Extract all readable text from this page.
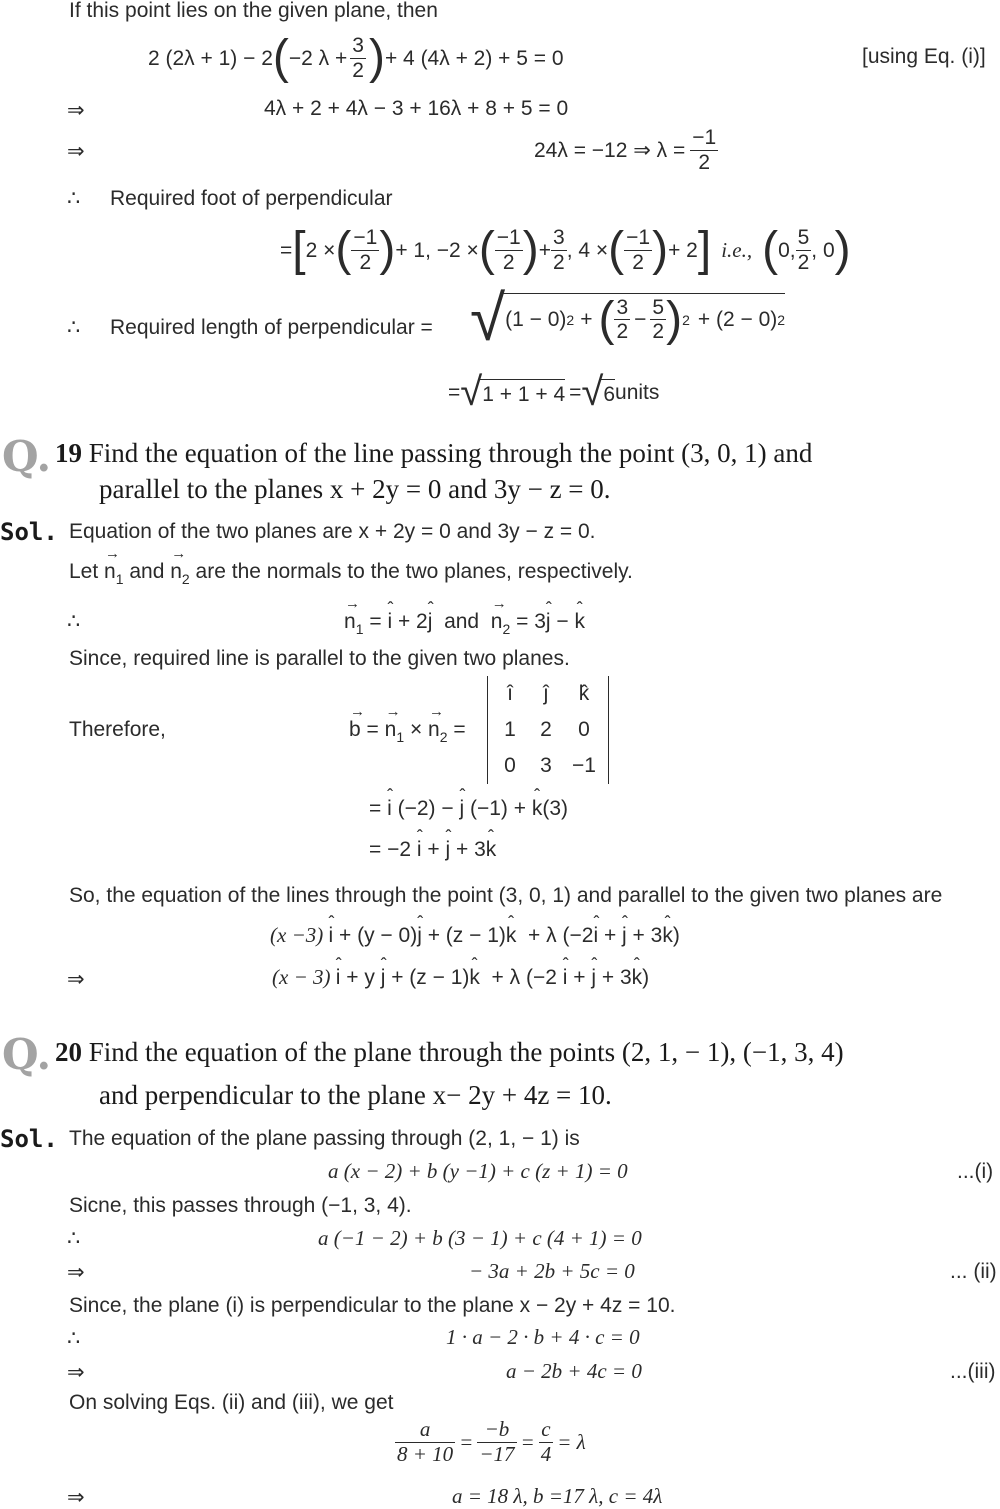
If this point lies on the given plane, then
2 (2λ + 1) − 2 ( −2 $\lambda + \frac{3}{2}$ ) + 4 (4λ + 2) + 5 = 0	[using Eq. (i)]
⇒	4λ + 2 + 4λ − 3 + 16λ + 8 + 5 = 0
⇒	24λ = −12 ⇒ $\lambda = \frac{-1}{2}$
∴ Required foot of perpendicular
= [ 2 × ( $\frac{-1}{2}$ ) + 1, −2 × ( $\frac{-1}{2}$ ) + $\frac{3}{2}$ , 4 × ( $\frac{-1}{2}$ ) + 2 ] i.e., ( 0, $\frac{5}{2}$ , 0 )
∴ Required length of perpendicular = √ (1 − 0) 2 + ( $\frac{3}{2} - \frac{5}{2}$ ) 2 + (2 − 0) 2
= √ 1 + 1 + 4 = √ 6 units
Q. 19 Find the equation of the line passing through the point (3, 0, 1) and
parallel to the planes x + 2y = 0 and 3y − z = 0.
Sol. Equation of the two planes are x + 2y = 0 and 3y − z = 0.
Let → $n_1$ and → $n_2$ are the normals to the two planes, respectively.
∴	→ $n_1$ = ˆ i + 2ˆ j  and  → $n_2$ = 3ˆ j − ˆ k
Since, required line is parallel to the given two planes.
Therefore,	→ b = → $n_1$ × → $n_2$ =
î ĵ k̂
1 2 0
0 3 −1
= ˆ i (−2) − ˆ j (−1) + ˆ k(3)
= −2 ˆ i + ˆ j + 3ˆ k
So, the equation of the lines through the point (3, 0, 1) and parallel to the given two planes are
(x −3) ˆ i + (y − 0)ˆ j + (z − 1)ˆ k  + λ (−2ˆ i + ˆ j + 3ˆ k)
⇒	(x − 3) ˆ i + y ˆ j + (z − 1)ˆ k  + λ (−2 ˆ i + ˆ j + 3ˆ k)
Q. 20 Find the equation of the plane through the points (2, 1, − 1), (−1, 3, 4)
and perpendicular to the plane x− 2y + 4z = 10.
Sol. The equation of the plane passing through (2, 1, − 1) is
a (x − 2) + b (y −1) + c (z + 1) = 0	...(i)
Sicne, this passes through (−1, 3, 4).
∴	a (−1 − 2) + b (3 − 1) + c (4 + 1) = 0
⇒	− 3a + 2b + 5c = 0	... (ii)
Since, the plane (i) is perpendicular to the plane x − 2y + 4z = 10.
∴	1 · a − 2 · b + 4 · c = 0
⇒	a − 2b + 4c = 0	...(iii)
On solving Eqs. (ii) and (iii), we get
$\frac{a}{8 + 10} = \frac{-b}{-17} = \frac{c}{4} = \lambda$
⇒	a = 18 λ, b =17 λ, c = 4λ
